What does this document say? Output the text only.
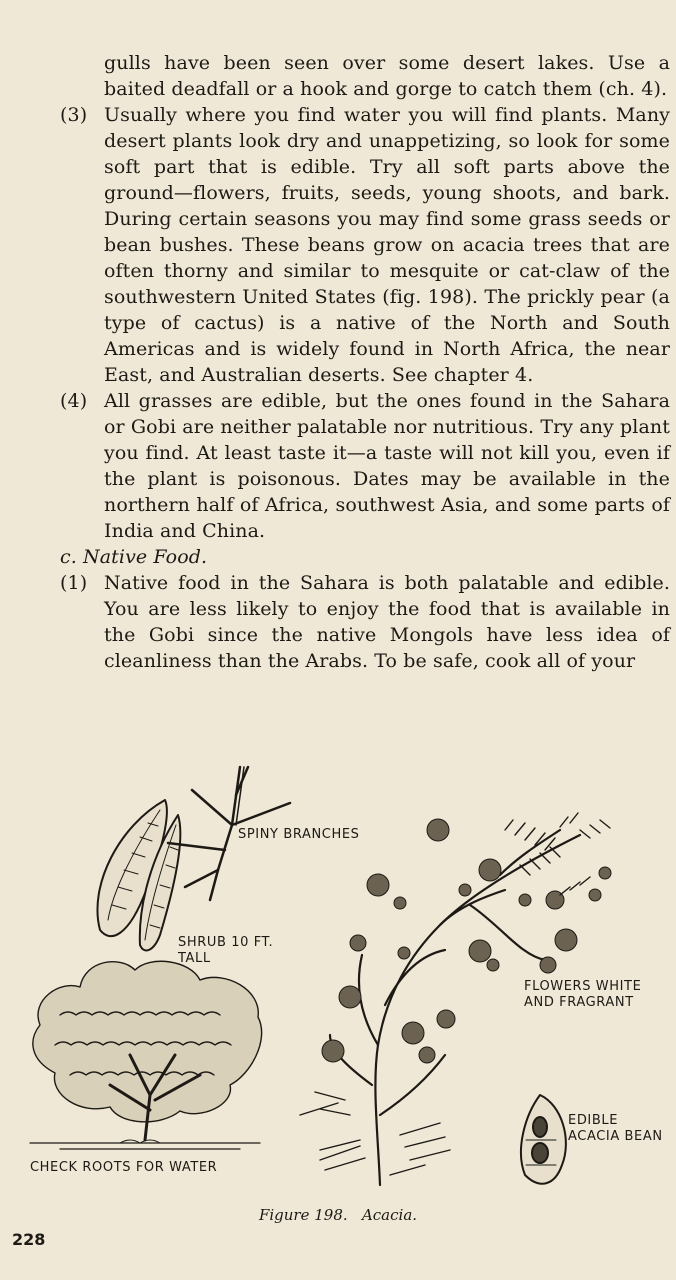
gulls have been seen over some desert lakes. Use a baited deadfall or a hook and gorge to catch them (ch. 4).
(3) Usually where you find water you will find plants. Many desert plants look dry and unappetizing, so look for some soft part that is edible. Try all soft parts above the ground—flowers, fruits, seeds, young shoots, and bark. During certain seasons you may find some grass seeds or bean bushes. These beans grow on acacia trees that are often thorny and similar to mesquite or cat-claw of the southwestern United States (fig. 198). The prickly pear (a type of cactus) is a native of the North and South Americas and is widely found in North Africa, the near East, and Australian deserts. See chapter 4.

(4) All grasses are edible, but the ones found in the Sahara or Gobi are neither palatable nor nutritious. Try any plant you find. At least taste it—a taste will not kill you, even if the plant is poisonous. Dates may be available in the northern half of Africa, southwest Asia, and some parts of India and China.

c. Native Food.
(1) Native food in the Sahara is both palatable and edible. You are less likely to enjoy the food that is available in the Gobi since the native Mongols have less idea of cleanliness than the Arabs. To be safe, cook all of your

SPINY BRANCHES
SHRUB 10 FT.
TALL
FLOWERS WHITE
AND FRAGRANT
EDIBLE
ACACIA BEAN
CHECK ROOTS FOR WATER
Figure 198. Acacia.
228
